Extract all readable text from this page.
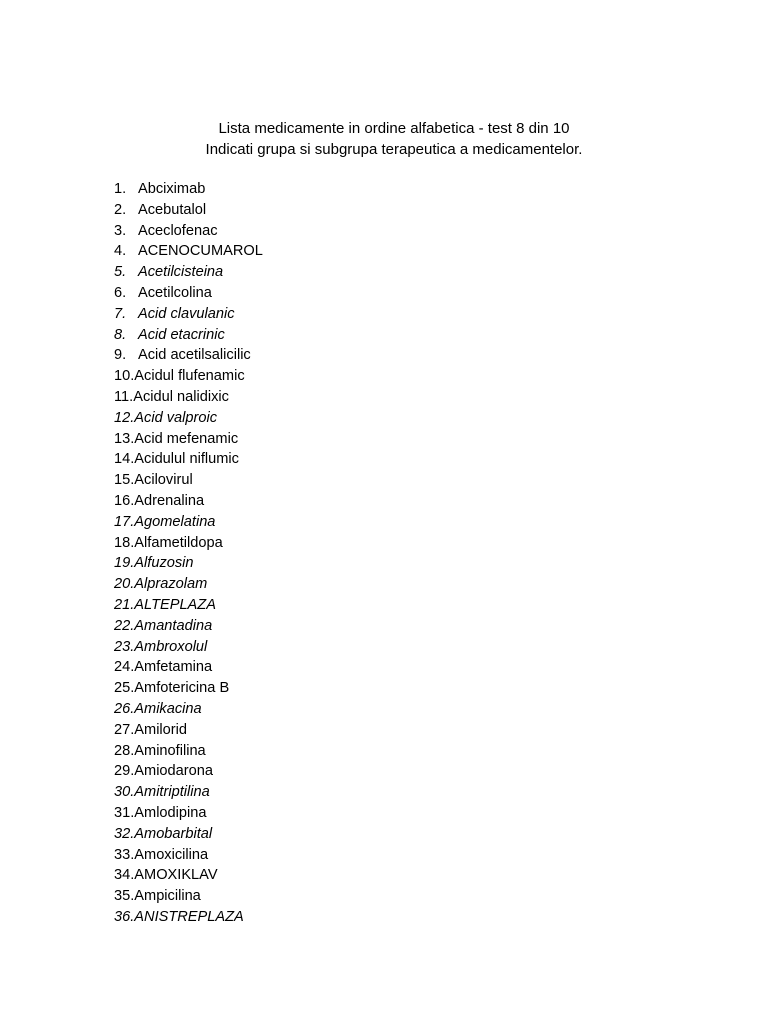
Lista medicamente in ordine alfabetica - test 8 din 10
Indicati grupa si subgrupa terapeutica a medicamentelor.
1. Abciximab
2. Acebutalol
3. Aceclofenac
4. ACENOCUMAROL
5. Acetilcisteina
6. Acetilcolina
7. Acid clavulanic
8. Acid etacrinic
9. Acid acetilsalicilic
10.Acidul flufenamic
11.Acidul nalidixic
12.Acid valproic
13.Acid mefenamic
14.Acidulul niflumic
15.Acilovirul
16.Adrenalina
17.Agomelatina
18.Alfametildopa
19.Alfuzosin
20.Alprazolam
21.ALTEPLAZA
22.Amantadina
23.Ambroxolul
24.Amfetamina
25.Amfotericina B
26.Amikacina
27.Amilorid
28.Aminofilina
29.Amiodarona
30.Amitriptilina
31.Amlodipina
32.Amobarbital
33.Amoxicilina
34.AMOXIKLAV
35.Ampicilina
36.ANISTREPLAZA
